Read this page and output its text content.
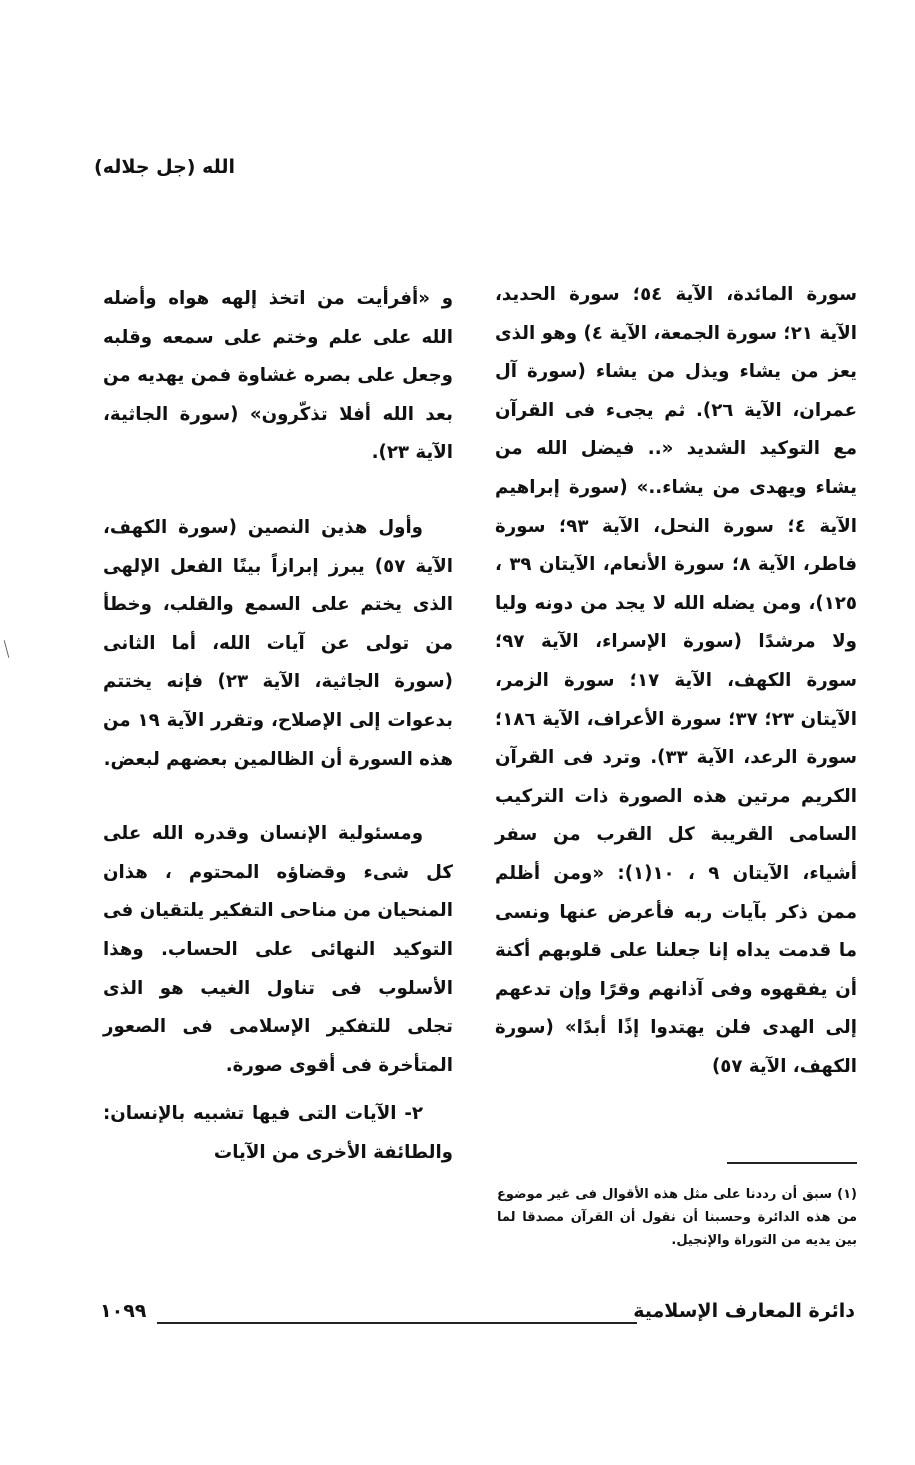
الله (جل جلاله)

سورة المائدة، الآية ٥٤؛ سورة الحديد، الآية ٢١؛ سورة الجمعة، الآية ٤) وهو الذى يعز من يشاء ويذل من يشاء (سورة آل عمران، الآية ٢٦). ثم يجىء فى القرآن مع التوكيد الشديد «.. فيضل الله من يشاء ويهدى من يشاء..» (سورة إبراهيم الآية ٤؛ سورة النحل، الآية ٩٣؛ سورة فاطر، الآية ٨؛ سورة الأنعام، الآيتان ٣٩ ، ١٢٥)، ومن يضله الله لا يجد من دونه وليا ولا مرشدًا (سورة الإسراء، الآية ٩٧؛ سورة الكهف، الآية ١٧؛ سورة الزمر، الآيتان ٢٣؛ ٣٧؛ سورة الأعراف، الآية ١٨٦؛ سورة الرعد، الآية ٣٣). وترد فى القرآن الكريم مرتين هذه الصورة ذات التركيب السامى القريبة كل القرب من سفر أشياء، الآيتان ٩ ، ١٠(١): «ومن أظلم ممن ذكر بآيات ربه فأعرض عنها ونسى ما قدمت يداه إنا جعلنا على قلوبهم أكنة أن يفقهوه وفى آذانهم وقرًا وإن تدعهم إلى الهدى فلن يهتدوا إذًا أبدًا» (سورة الكهف، الآية ٥٧)

و «أفرأيت من اتخذ إلهه هواه وأضله الله على علم وختم على سمعه وقلبه وجعل على بصره غشاوة فمن يهديه من بعد الله أفلا تذكّرون» (سورة الجاثية، الآية ٢٣).

وأول هذين النصين (سورة الكهف، الآية ٥٧) يبرز إبرازاً بينًا الفعل الإلهى الذى يختم على السمع والقلب، وخطأ من تولى عن آيات الله، أما الثانى (سورة الجاثية، الآية ٢٣) فإنه يختتم بدعوات إلى الإصلاح، وتقرر الآية ١٩ من هذه السورة أن الظالمين بعضهم لبعض.

ومسئولية الإنسان وقدره الله على كل شىء وقضاؤه المحتوم ، هذان المنحيان من مناحى التفكير يلتقيان فى التوكيد النهائى على الحساب. وهذا الأسلوب فى تناول الغيب هو الذى تجلى للتفكير الإسلامى فى الصعور المتأخرة فى أقوى صورة.

٢- الآيات التى فيها تشبيه بالإنسان: والطائفة الأخرى من الآيات

(١) سبق أن رددنا على مثل هذه الأقوال فى غير موضوع من هذه الدائرة وحسبنا أن نقول أن القرآن مصدقا لما بين يديه من التوراة والإنجيل.
دائرة المعارف الإسلامية
١٠٩٩
